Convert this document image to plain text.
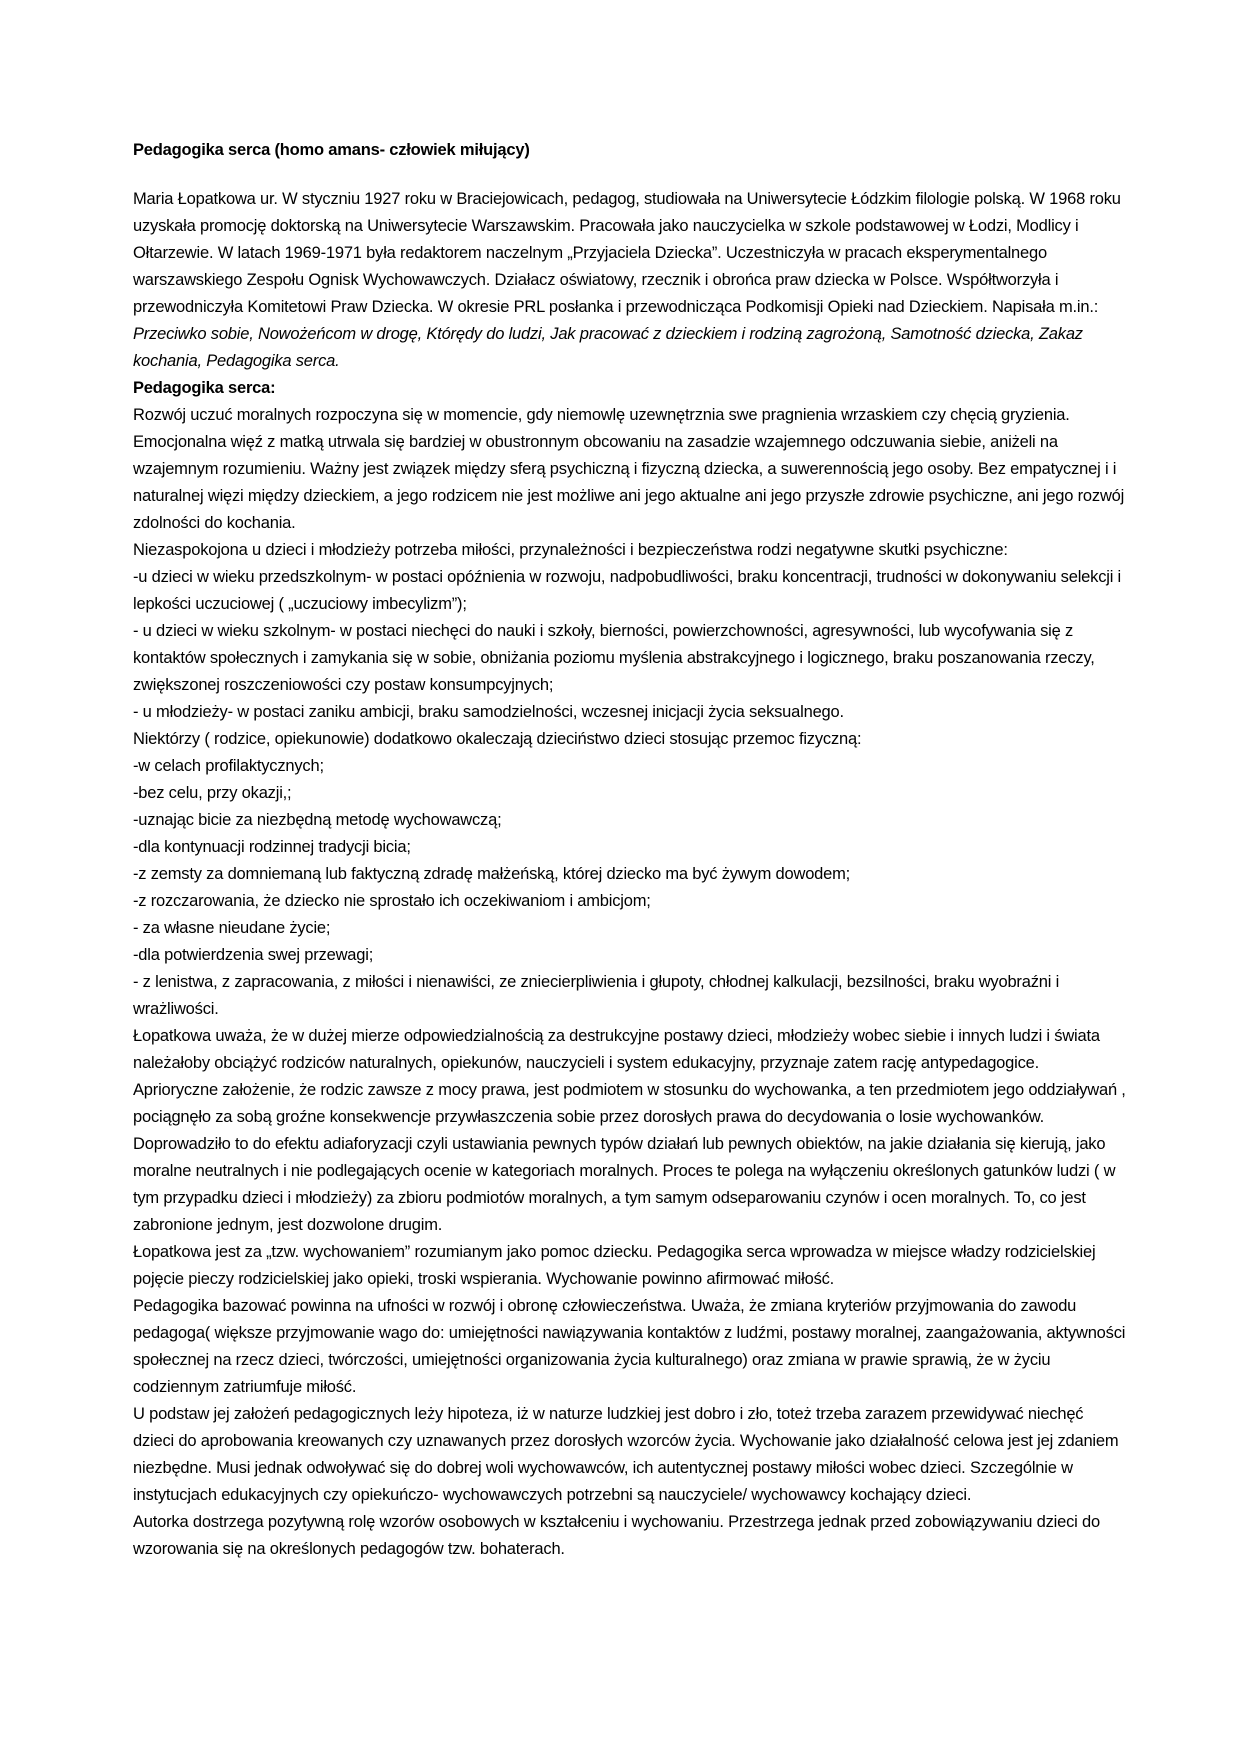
Pedagogika serca (homo amans- człowiek miłujący)

Maria Łopatkowa ur. W styczniu 1927 roku w Braciejowicach, pedagog, studiowała na Uniwersytecie Łódzkim filologie polską. W 1968 roku uzyskała promocję doktorską na Uniwersytecie Warszawskim. Pracowała jako nauczycielka w szkole podstawowej w Łodzi, Modlicy i Ołtarzewie. W latach 1969-1971 była redaktorem naczelnym „Przyjaciela Dziecka”. Uczestniczyła w pracach eksperymentalnego warszawskiego Zespołu Ognisk Wychowawczych. Działacz oświatowy, rzecznik i obrońca praw dziecka w Polsce. Współtworzyła i przewodniczyła Komitetowi Praw Dziecka. W okresie PRL posłanka i przewodnicząca Podkomisji Opieki nad Dzieckiem. Napisała m.in.: Przeciwko sobie, Nowożeńcom w drogę, Którędy do ludzi, Jak pracować z dzieckiem i rodziną zagrożoną, Samotność dziecka, Zakaz kochania, Pedagogika serca.

Pedagogika serca:

Rozwój uczuć moralnych rozpoczyna się w momencie, gdy niemowlę uzewnętrznia swe pragnienia wrzaskiem czy chęcią gryzienia. Emocjonalna więź z matką utrwala się bardziej w obustronnym obcowaniu na zasadzie wzajemnego odczuwania siebie, aniżeli na wzajemnym rozumieniu. Ważny jest związek między sferą psychiczną i fizyczną dziecka, a suwerennością jego osoby. Bez empatycznej i i naturalnej więzi między dzieckiem, a jego rodzicem nie jest możliwe ani jego aktualne ani jego przyszłe zdrowie psychiczne, ani jego rozwój zdolności do kochania.

Niezaspokojona u dzieci i młodzieży potrzeba miłości, przynależności i bezpieczeństwa rodzi negatywne skutki psychiczne:

-u dzieci w wieku przedszkolnym- w postaci opóźnienia w rozwoju, nadpobudliwości, braku koncentracji, trudności w dokonywaniu selekcji i lepkości uczuciowej ( „uczuciowy imbecylizm”);

- u dzieci w wieku szkolnym- w postaci niechęci do nauki i szkoły, bierności, powierzchowności, agresywności, lub wycofywania się z kontaktów społecznych i zamykania się w sobie, obniżania poziomu myślenia abstrakcyjnego i logicznego, braku poszanowania rzeczy, zwiększonej roszczeniowości czy postaw konsumpcyjnych;

- u młodzieży- w postaci zaniku ambicji, braku samodzielności, wczesnej inicjacji życia seksualnego.

Niektórzy ( rodzice, opiekunowie) dodatkowo okaleczają dzieciństwo dzieci stosując przemoc fizyczną:

-w celach profilaktycznych;

-bez celu, przy okazji,;

-uznając bicie za niezbędną metodę wychowawczą;

-dla kontynuacji rodzinnej tradycji bicia;

-z zemsty za domniemaną lub faktyczną zdradę małżeńską, której dziecko ma być żywym dowodem;

-z rozczarowania, że dziecko nie sprostało ich oczekiwaniom i ambicjom;

- za własne nieudane życie;

-dla potwierdzenia swej przewagi;

- z lenistwa, z zapracowania, z miłości i nienawiści, ze zniecierpliwienia i głupoty, chłodnej kalkulacji, bezsilności, braku wyobraźni i wrażliwości.

Łopatkowa uważa, że w dużej mierze odpowiedzialnością za destrukcyjne postawy dzieci, młodzieży wobec siebie i innych ludzi i świata należałoby obciążyć rodziców naturalnych, opiekunów, nauczycieli i system edukacyjny, przyznaje zatem rację antypedagogice.

Aprioryczne założenie, że rodzic zawsze z mocy prawa, jest podmiotem w stosunku do wychowanka, a ten przedmiotem jego oddziaływań , pociągnęło za sobą groźne konsekwencje przywłaszczenia sobie przez dorosłych prawa do decydowania o losie wychowanków. Doprowadziło to do efektu adiaforyzacji czyli ustawiania pewnych typów działań lub pewnych obiektów, na jakie działania się kierują, jako moralne neutralnych i nie podlegających ocenie w kategoriach moralnych. Proces te polega na wyłączeniu określonych gatunków ludzi ( w tym przypadku dzieci i młodzieży) za zbioru podmiotów moralnych, a tym samym odseparowaniu czynów i ocen moralnych. To, co jest zabronione jednym, jest dozwolone drugim.

Łopatkowa jest za „tzw. wychowaniem” rozumianym jako pomoc dziecku. Pedagogika serca wprowadza w miejsce władzy rodzicielskiej pojęcie pieczy rodzicielskiej jako opieki, troski wspierania. Wychowanie powinno afirmować miłość.

Pedagogika bazować powinna na ufności w rozwój i obronę człowieczeństwa. Uważa, że zmiana kryteriów przyjmowania do zawodu pedagoga( większe przyjmowanie wago do: umiejętności nawiązywania kontaktów z ludźmi, postawy moralnej, zaangażowania, aktywności społecznej na rzecz dzieci, twórczości, umiejętności organizowania życia kulturalnego) oraz zmiana w prawie sprawią, że w życiu codziennym zatriumfuje miłość.

U podstaw jej założeń pedagogicznych leży hipoteza, iż w naturze ludzkiej jest dobro i zło, toteż trzeba zarazem przewidywać niechęć dzieci do aprobowania kreowanych czy uznawanych przez dorosłych wzorców życia. Wychowanie jako działalność celowa jest jej zdaniem niezbędne. Musi jednak odwoływać się do dobrej woli wychowawców, ich autentycznej postawy miłości wobec dzieci. Szczególnie w instytucjach edukacyjnych czy opiekuńczo- wychowawczych potrzebni są nauczyciele/ wychowawcy kochający dzieci.

Autorka dostrzega pozytywną rolę wzorów osobowych w kształceniu i wychowaniu. Przestrzega jednak przed zobowiązywaniu dzieci do wzorowania się na określonych pedagogów tzw. bohaterach.
